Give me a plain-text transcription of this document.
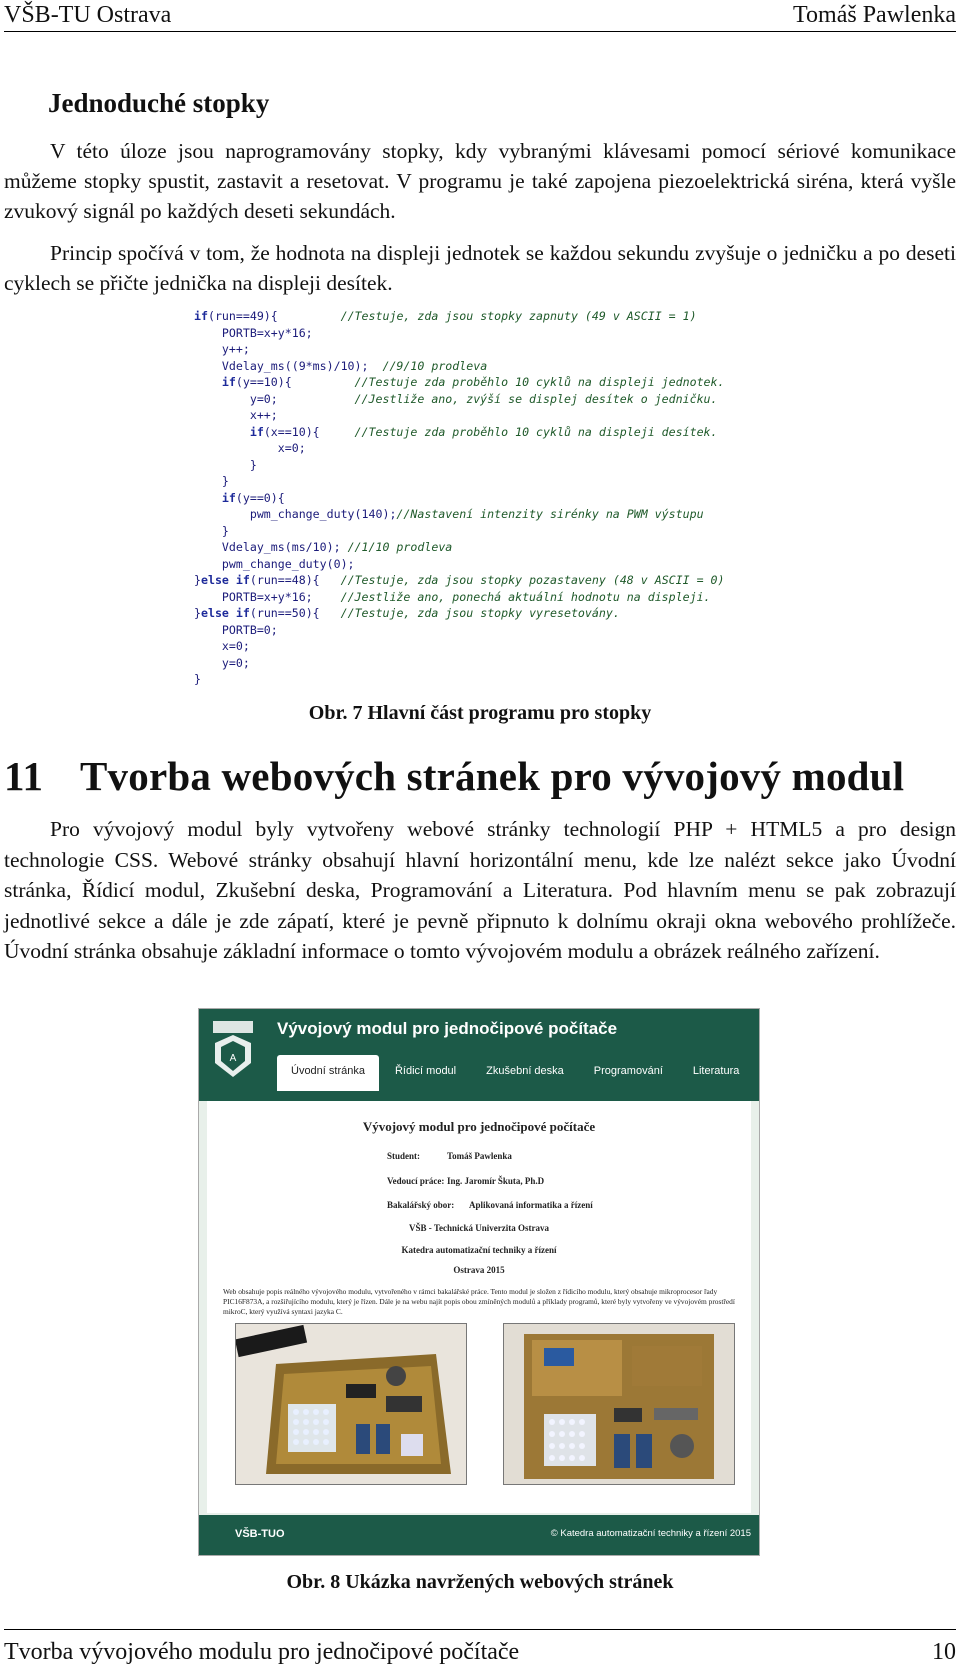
VŠB-TU Ostrava	Tomáš Pawlenka
Jednoduché stopky

V této úloze jsou naprogramovány stopky, kdy vybranými klávesami pomocí sériové komunikace můžeme stopky spustit, zastavit a resetovat. V programu je také zapojena piezoelektrická siréna, která vyšle zvukový signál po každých deseti sekundách.

Princip spočívá v tom, že hodnota na displeji jednotek se každou sekundu zvyšuje o jedničku a po deseti cyklech se přičte jednička na displeji desítek.

if(run==49){         //Testuje, zda jsou stopky zapnuty (49 v ASCII = 1)
PORTB=x+y*16;
y++;
Vdelay_ms((9*ms)/10);  //9/10 prodleva
if(y==10){         //Testuje zda proběhlo 10 cyklů na displeji jednotek.
y=0;           //Jestliže ano, zvýší se displej desítek o jedničku.
x++;
if(x==10){     //Testuje zda proběhlo 10 cyklů na displeji desítek.
x=0;
}
}
if(y==0){
pwm_change_duty(140);//Nastavení intenzity sirénky na PWM výstupu
}
Vdelay_ms(ms/10); //1/10 prodleva
pwm_change_duty(0);
}else if(run==48){   //Testuje, zda jsou stopky pozastaveny (48 v ASCII = 0)
PORTB=x+y*16;    //Jestliže ano, ponechá aktuální hodnotu na displeji.
}else if(run==50){   //Testuje, zda jsou stopky vyresetovány.
PORTB=0;
x=0;
y=0;
}
Obr. 7 Hlavní část programu pro stopky
11 Tvorba webových stránek pro vývojový modul

Pro vývojový modul byly vytvořeny webové stránky technologií PHP + HTML5 a pro design technologie CSS. Webové stránky obsahují hlavní horizontální menu, kde lze nalézt sekce jako Úvodní stránka, Řídicí modul, Zkušební deska, Programování a Literatura. Pod hlavním menu se pak zobrazují jednotlivé sekce a dále je zde zápatí, které je pevně připnuto k dolnímu okraji okna webového prohlížeče. Úvodní stránka obsahuje základní informace o tomto vývojovém modulu a obrázek reálného zařízení.

A
Vývojový modul pro jednočipové počítače
Úvodní stránka	Řídicí modul	Zkušební deska	Programování	Literatura
Vývojový modul pro jednočipové počítače
Student:	Tomáš Pawlenka
Vedoucí práce: Ing. Jaromír Škuta, Ph.D
Bakalářský obor: Aplikovaná informatika a řízení
VŠB - Technická Univerzita Ostrava
Katedra automatizační techniky a řízení
Ostrava 2015
Web obsahuje popis reálného vývojového modulu, vytvořeného v rámci bakalářské práce. Tento modul je složen z řídicího modulu, který obsahuje mikroprocesor řady PIC16F873A, a rozšiřujícího modulu, který je řízen. Dále je na webu najít popis obou zmíněných modulů a příklady programů, které byly vytvořeny ve vývojovém prostředí mikroC, který využívá syntaxi jazyka C.
VŠB-TUO	© Katedra automatizační techniky a řízení 2015
Obr. 8 Ukázka navržených webových stránek
Tvorba vývojového modulu pro jednočipové počítače	10
